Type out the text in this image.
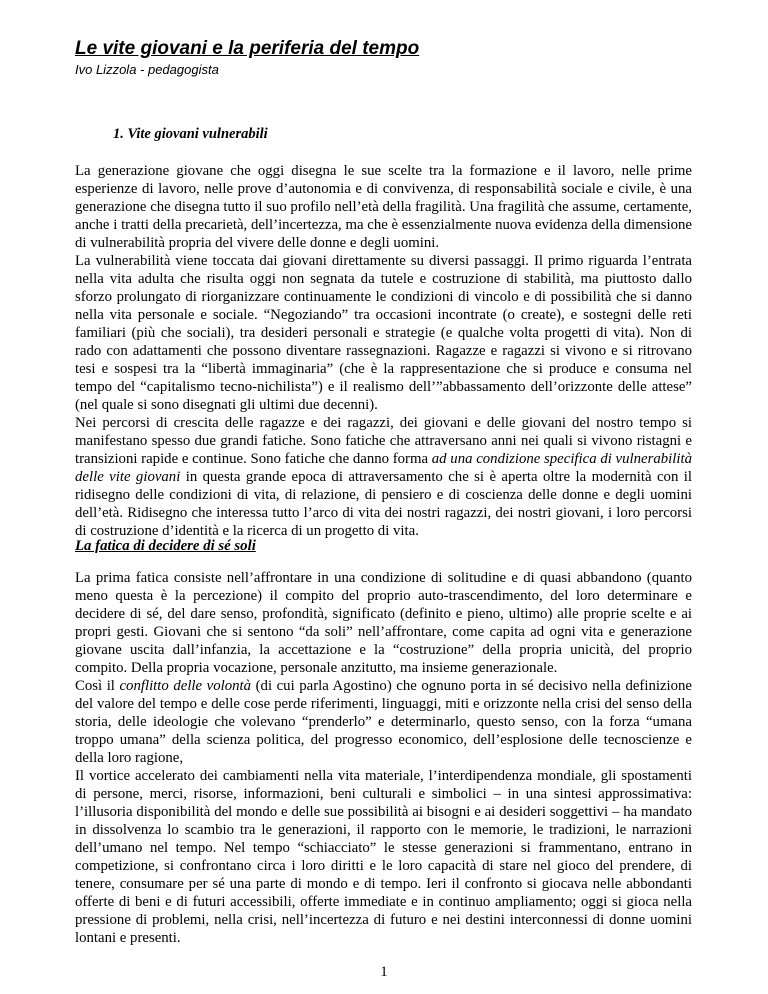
Le vite giovani e la periferia del tempo

Ivo Lizzola - pedagogista

1. Vite giovani vulnerabili

La generazione giovane che oggi disegna le sue scelte tra la formazione e il lavoro, nelle prime esperienze di lavoro, nelle prove d’autonomia e di convivenza, di responsabilità sociale e civile, è una generazione che disegna tutto il suo profilo nell’età della fragilità. Una fragilità che assume, certamente, anche i tratti della precarietà, dell’incertezza, ma che è essenzialmente nuova evidenza della dimensione di vulnerabilità propria del vivere delle donne e degli uomini.

La vulnerabilità viene toccata dai giovani direttamente su diversi passaggi. Il primo riguarda l’entrata nella vita adulta che risulta oggi non segnata da tutele e costruzione di stabilità, ma piuttosto dallo sforzo prolungato di riorganizzare continuamente le condizioni di vincolo e di possibilità che si danno nella vita personale e sociale. “Negoziando” tra occasioni incontrate (o create), e sostegni delle reti familiari (più che sociali), tra desideri personali e strategie (e qualche volta progetti di vita). Non di rado con adattamenti che possono diventare rassegnazioni. Ragazze e ragazzi si vivono e si ritrovano tesi e sospesi tra la “libertà immaginaria” (che è la rappresentazione che si produce e consuma nel tempo del “capitalismo tecno-nichilista”) e il realismo dell’”abbassamento dell’orizzonte delle attese” (nel quale si sono disegnati gli ultimi due decenni).

Nei percorsi di crescita delle ragazze e dei ragazzi, dei giovani e delle giovani del nostro tempo si manifestano spesso due grandi fatiche. Sono fatiche che attraversano anni nei quali si vivono ristagni e transizioni rapide e continue. Sono fatiche che danno forma ad una condizione specifica di vulnerabilità delle vite giovani in questa grande epoca di attraversamento che si è aperta oltre la modernità con il ridisegno delle condizioni di vita, di relazione, di pensiero e di coscienza delle donne e degli uomini dell’età. Ridisegno che interessa tutto l’arco di vita dei nostri ragazzi, dei nostri giovani, i loro percorsi di costruzione d’identità e la ricerca di un progetto di vita.

La fatica di decidere di sé soli

La prima fatica consiste nell’affrontare in una condizione di solitudine e di quasi abbandono (quanto meno questa è la percezione) il compito del proprio auto-trascendimento, del loro determinare e decidere di sé, del dare senso, profondità, significato (definito e pieno, ultimo) alle proprie scelte e ai propri gesti. Giovani che si sentono “da soli” nell’affrontare, come capita ad ogni vita e generazione giovane uscita dall’infanzia, la accettazione e la “costruzione” della propria unicità, del proprio compito. Della propria vocazione, personale anzitutto, ma insieme generazionale.

Così il conflitto delle volontà (di cui parla Agostino) che ognuno porta in sé decisivo nella definizione del valore del tempo e delle cose perde riferimenti, linguaggi, miti e orizzonte nella crisi del senso della storia, delle ideologie che volevano “prenderlo” e determinarlo, questo senso, con la forza “umana troppo umana” della scienza politica, del progresso economico, dell’esplosione delle tecnoscienze e della loro ragione,

Il vortice accelerato dei cambiamenti nella vita materiale, l’interdipendenza mondiale, gli spostamenti di persone, merci, risorse, informazioni, beni culturali e simbolici – in una sintesi approssimativa: l’illusoria disponibilità del mondo e delle sue possibilità ai bisogni e ai desideri soggettivi – ha mandato in dissolvenza lo scambio tra le generazioni, il rapporto con le memorie, le tradizioni, le narrazioni dell’umano nel tempo. Nel tempo “schiacciato” le stesse generazioni si frammentano, entrano in competizione, si confrontano circa i loro diritti e le loro capacità di stare nel gioco del prendere, di tenere, consumare per sé una parte di mondo e di tempo. Ieri il confronto si giocava nelle abbondanti offerte di beni e di futuri accessibili, offerte immediate e in continuo ampliamento; oggi si gioca nella pressione di problemi, nella crisi, nell’incertezza di futuro e nei destini interconnessi di donne uomini lontani e presenti.

1
